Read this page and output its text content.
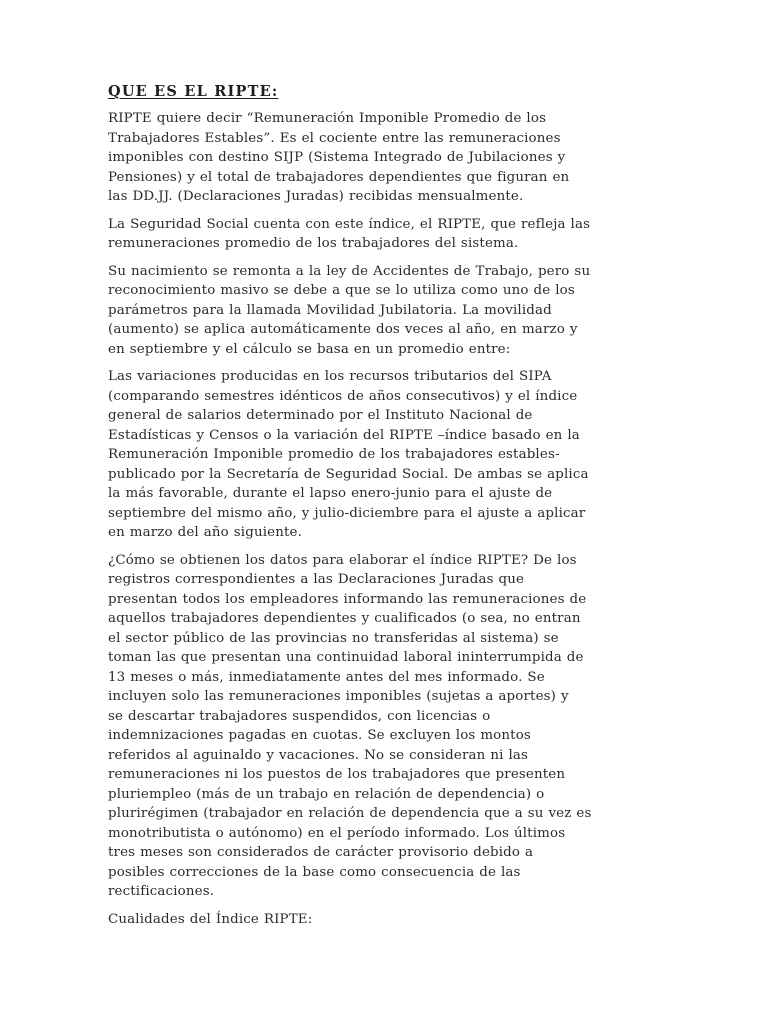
QUE ES EL RIPTE:
RIPTE quiere decir “Remuneración Imponible Promedio de los
Trabajadores Estables”. Es el cociente entre las remuneraciones
imponibles con destino SIJP (Sistema Integrado de Jubilaciones y
Pensiones) y el total de trabajadores dependientes que figuran en
las DD.JJ. (Declaraciones Juradas) recibidas mensualmente.
La Seguridad Social cuenta con este índice, el RIPTE, que refleja las
remuneraciones promedio de los trabajadores del sistema.
Su nacimiento se remonta a la ley de Accidentes de Trabajo, pero su
reconocimiento masivo se debe a que se lo utiliza como uno de los
parámetros para la llamada Movilidad Jubilatoria. La movilidad
(aumento) se aplica automáticamente dos veces al año, en marzo y
en septiembre y el cálculo se basa en un promedio entre:
Las variaciones producidas en los recursos tributarios del SIPA
(comparando semestres idénticos de años consecutivos) y el índice
general de salarios determinado por el Instituto Nacional de
Estadísticas y Censos o la variación del RIPTE –índice basado en la
Remuneración Imponible promedio de los trabajadores estables-
publicado por la Secretaría de Seguridad Social. De ambas se aplica
la más favorable, durante el lapso enero-junio para el ajuste de
septiembre del mismo año, y julio-diciembre para el ajuste a aplicar
en marzo del año siguiente.
¿Cómo se obtienen los datos para elaborar el índice RIPTE? De los
registros correspondientes a las Declaraciones Juradas que
presentan todos los empleadores informando las remuneraciones de
aquellos trabajadores dependientes y cualificados (o sea, no entran
el sector público de las provincias no transferidas al sistema) se
toman las que presentan una continuidad laboral ininterrumpida de
13 meses o más, inmediatamente antes del mes informado. Se
incluyen solo las remuneraciones imponibles (sujetas a aportes) y
se descartar trabajadores suspendidos, con licencias o
indemnizaciones pagadas en cuotas. Se excluyen los montos
referidos al aguinaldo y vacaciones. No se consideran ni las
remuneraciones ni los puestos de los trabajadores que presenten
pluriempleo (más de un trabajo en relación de dependencia) o
plurirégimen (trabajador en relación de dependencia que a su vez es
monotributista o autónomo) en el período informado. Los últimos
tres meses son considerados de carácter provisorio debido a
posibles correcciones de la base como consecuencia de las
rectificaciones.
Cualidades del Índice RIPTE:
